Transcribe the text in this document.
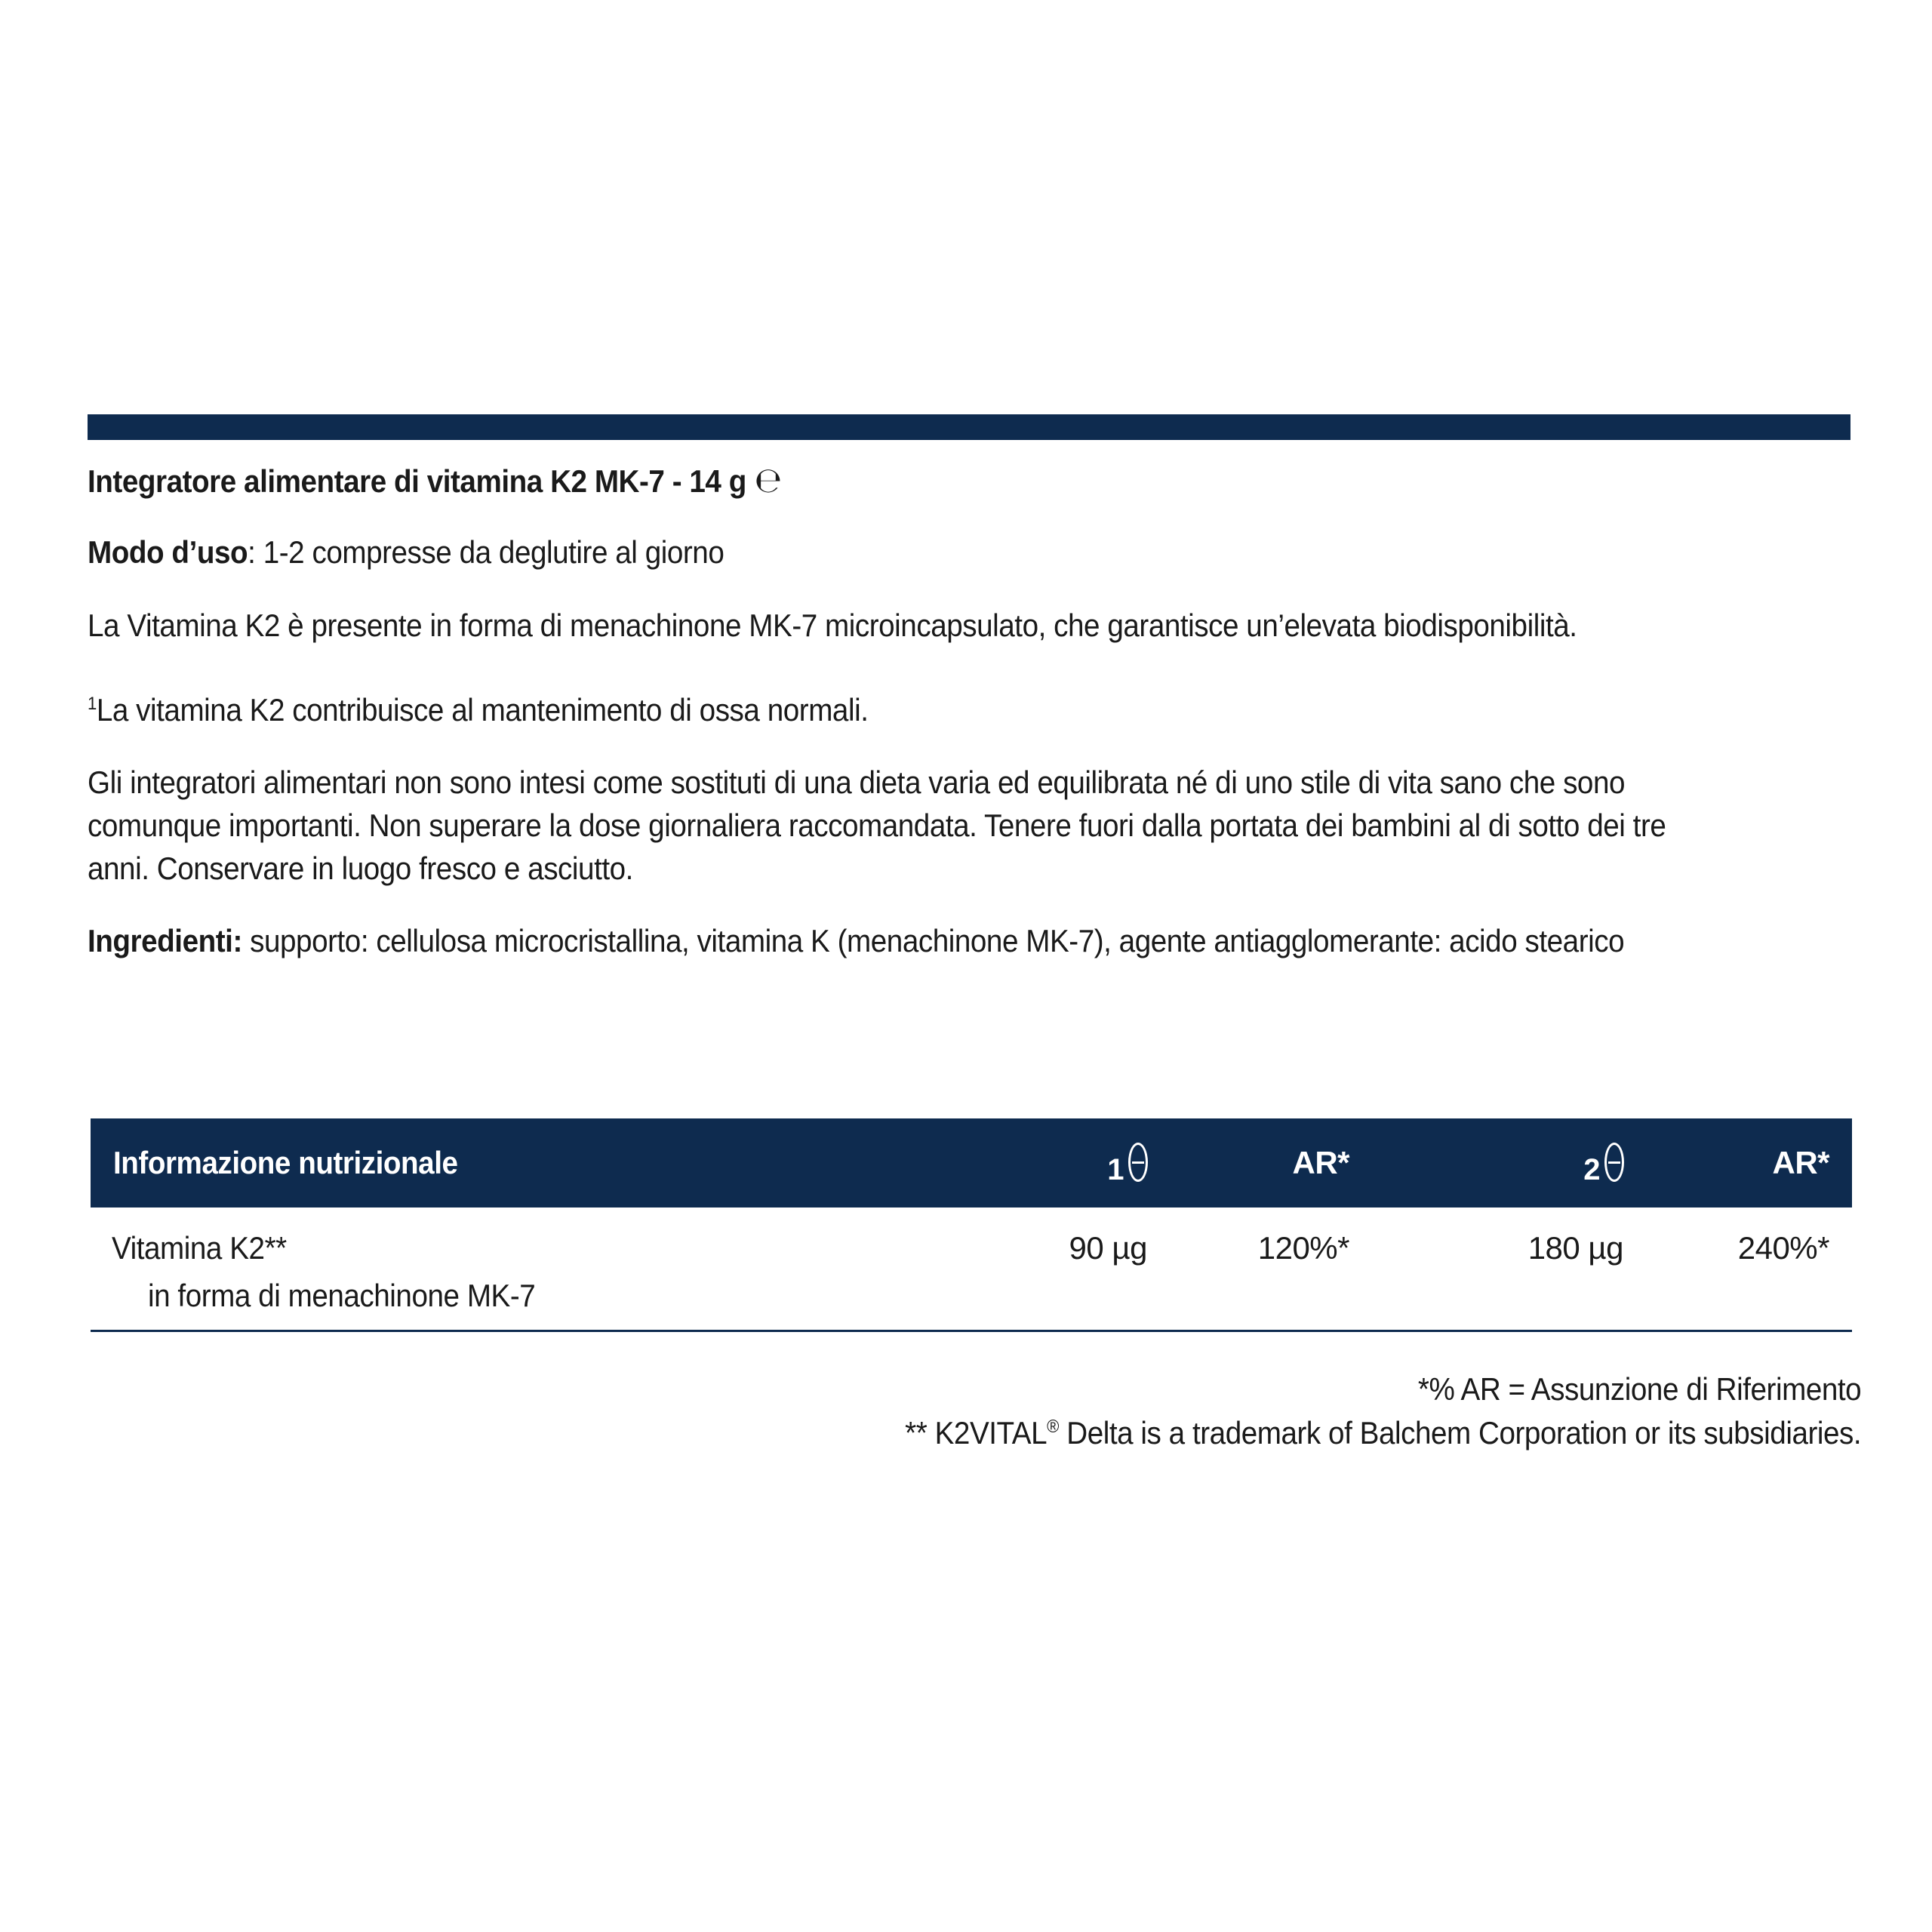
Integratore alimentare di vitamina K2 MK-7 - 14 g ℮
Modo d’uso: 1-2 compresse da deglutire al giorno
La Vitamina K2 è presente in forma di menachinone MK-7 microincapsulato, che garantisce un’elevata biodisponibilità.
$^1$La vitamina K2 contribuisce al mantenimento di ossa normali.
Gli integratori alimentari non sono intesi come sostituti di una dieta varia ed equilibrata né di uno stile di vita sano che sono comunque importanti. Non superare la dose giornaliera raccomandata. Tenere fuori dalla portata dei bambini al di sotto dei tre anni. Conservare in luogo fresco e asciutto.
Ingredienti: supporto: cellulosa microcristallina, vitamina K (menachinone MK-7), agente antiagglomerante: acido stearico
Informazione nutrizionale	1	AR*	2	AR*
Vitamina K2**
in forma di menachinone MK-7
90 µg	120%*	180 µg	240%*
*% AR = Assunzione di Riferimento
** K2VITAL® Delta is a trademark of Balchem Corporation or its subsidiaries.
